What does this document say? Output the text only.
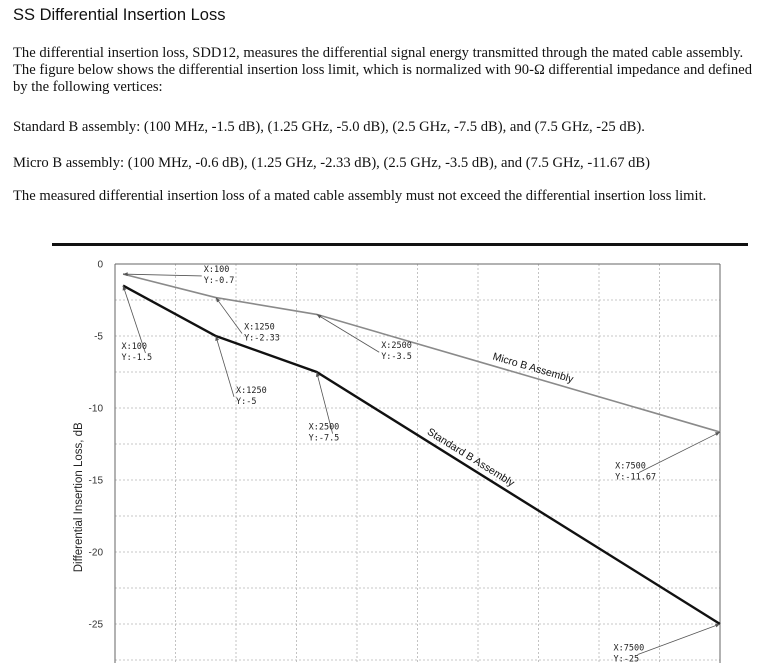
SS Differential Insertion Loss
The differential insertion loss, SDD12, measures the differential signal energy transmitted through the mated cable assembly. The figure below shows the differential insertion loss limit, which is normalized with 90-Ω differential impedance and defined by the following vertices:
Standard B assembly: (100 MHz, -1.5 dB), (1.25 GHz, -5.0 dB), (2.5 GHz, -7.5 dB), and (7.5 GHz, -25 dB).
Micro B assembly: (100 MHz, -0.6 dB), (1.25 GHz, -2.33 dB), (2.5 GHz, -3.5 dB), and (7.5 GHz, -11.67 dB)
The measured differential insertion loss of a mated cable assembly must not exceed the differential insertion loss limit.
0
-5
-10
-15
-20
-25
X:100
Y:-0.7
X:1250
Y:-2.33
X:2500
Y:-3.5
X:7500
Y:-11.67
X:100
Y:-1.5
X:1250
Y:-5
X:2500
Y:-7.5
X:7500
Y:-25
Differential Insertion Loss, dB
Micro B Assembly
Standard B Assembly
